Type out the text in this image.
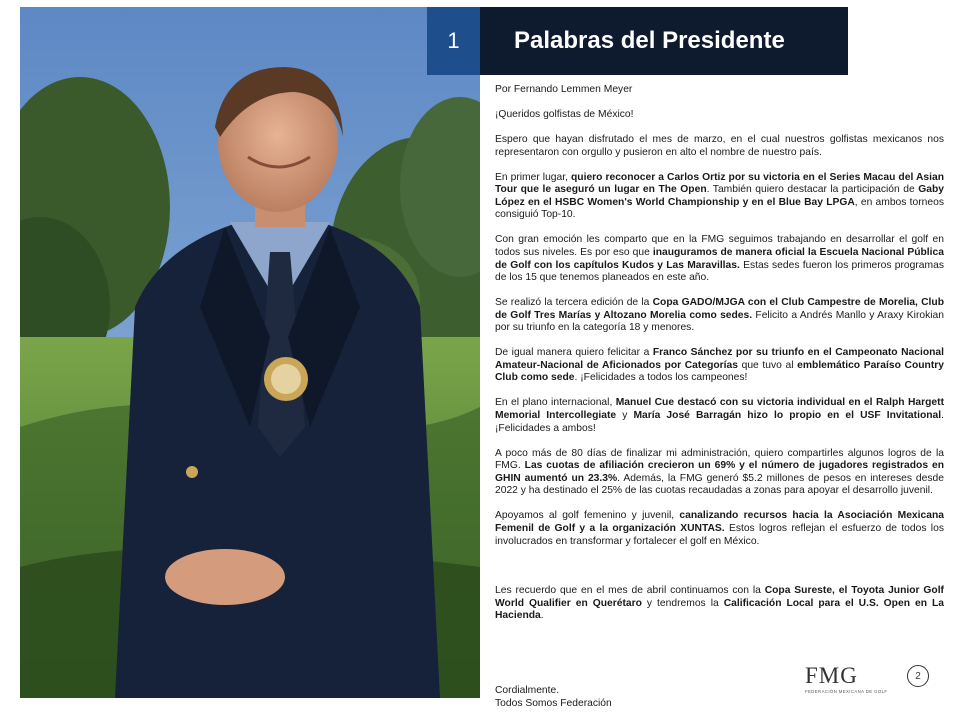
1	Palabras del Presidente

Por Fernando Lemmen Meyer

¡Queridos golfistas de México!

Espero que hayan disfrutado el mes de marzo, en el cual nuestros golfistas mexicanos nos representaron con orgullo y pusieron en alto el nombre de nuestro país.

En primer lugar, quiero reconocer a Carlos Ortiz por su victoria en el Series Macau del Asian Tour que le aseguró un lugar en The Open. También quiero destacar la participación de Gaby López en el HSBC Women's World Championship y en el Blue Bay LPGA, en ambos torneos consiguió Top-10.

Con gran emoción les comparto que en la FMG seguimos trabajando en desarrollar el golf en todos sus niveles. Es por eso que inauguramos de manera oficial la Escuela Nacional Pública de Golf con los capítulos Kudos y Las Maravillas. Estas sedes fueron los primeros programas de los 15 que tenemos planeados en este año.

Se realizó la tercera edición de la Copa GADO/MJGA con el Club Campestre de Morelia, Club de Golf Tres Marías y Altozano Morelia como sedes. Felicito a Andrés Manllo y Araxy Kirokian por su triunfo en la categoría 18 y menores.

De igual manera quiero felicitar a Franco Sánchez por su triunfo en el Campeonato Nacional Amateur-Nacional de Aficionados por Categorías que tuvo al emblemático Paraíso Country Club como sede. ¡Felicidades a todos los campeones!

En el plano internacional, Manuel Cue destacó con su victoria individual en el Ralph Hargett Memorial Intercollegiate y María José Barragán hizo lo propio en el USF Invitational. ¡Felicidades a ambos!

A poco más de 80 días de finalizar mi administración, quiero compartirles algunos logros de la FMG. Las cuotas de afiliación crecieron un 69% y el número de jugadores registrados en GHIN aumentó un 23.3%. Además, la FMG generó $5.2 millones de pesos en intereses desde 2022 y ha destinado el 25% de las cuotas recaudadas a zonas para apoyar el desarrollo juvenil.

Apoyamos al golf femenino y juvenil, canalizando recursos hacia la Asociación Mexicana Femenil de Golf y a la organización XUNTAS. Estos logros reflejan el esfuerzo de todos los involucrados en transformar y fortalecer el golf en México.

Les recuerdo que en el mes de abril continuamos con la Copa Sureste, el Toyota Junior Golf World Qualifier en Querétaro y tendremos la Calificación Local para el U.S. Open en La Hacienda.

Cordialmente.
Todos Somos Federación
FMG
FEDERACIÓN MEXICANA DE GOLF
2
